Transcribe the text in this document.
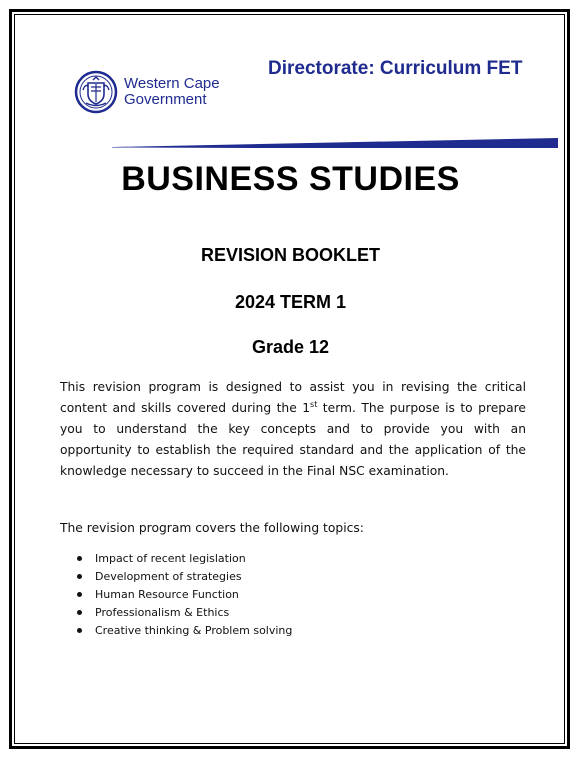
Directorate: Curriculum FET
Western Cape
Government
BUSINESS STUDIES
REVISION BOOKLET
2024 TERM 1
Grade 12

This revision program is designed to assist you in revising the critical content and skills covered during the 1st term. The purpose is to prepare you to understand the key concepts and to provide you with an opportunity to establish the required standard and the application of the knowledge necessary to succeed in the Final NSC examination.

The revision program covers the following topics:
Impact of recent legislation
Development of strategies
Human Resource Function
Professionalism & Ethics
Creative thinking & Problem solving
